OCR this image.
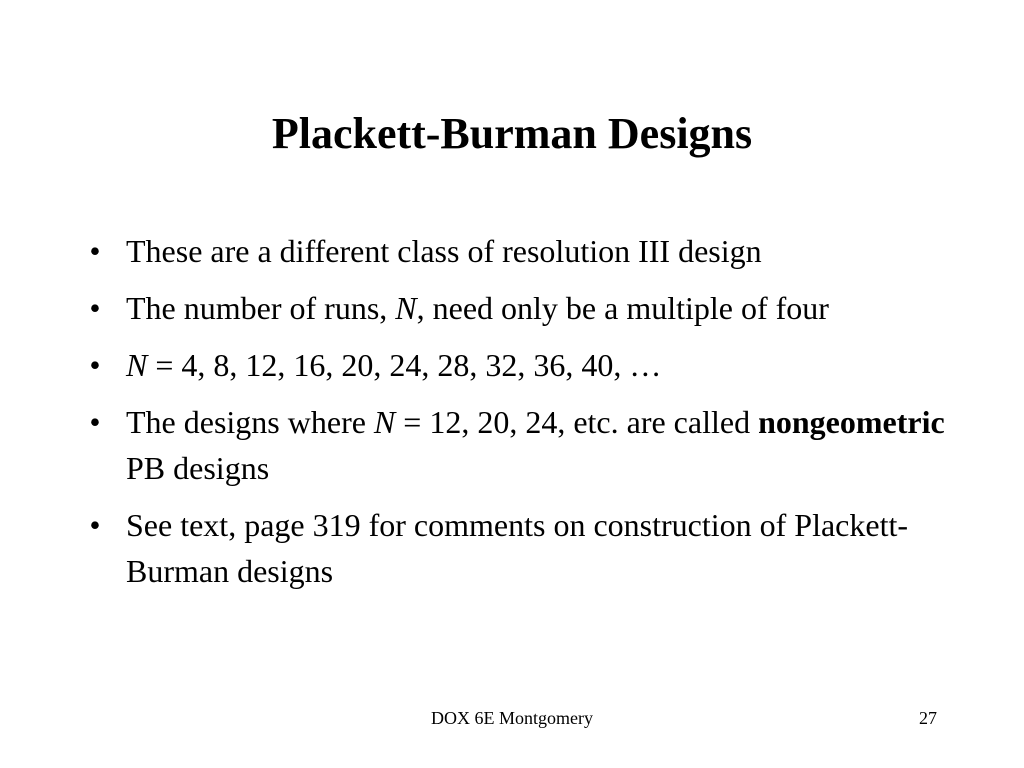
Plackett-Burman Designs
• These are a different class of resolution III design
• The number of runs, N, need only be a multiple of four
• N = 4, 8, 12, 16, 20, 24, 28, 32, 36, 40, …
• The designs where N = 12, 20, 24, etc. are called nongeometric PB designs
• See text, page 319 for comments on construction of Plackett-Burman designs
DOX 6E Montgomery	27
